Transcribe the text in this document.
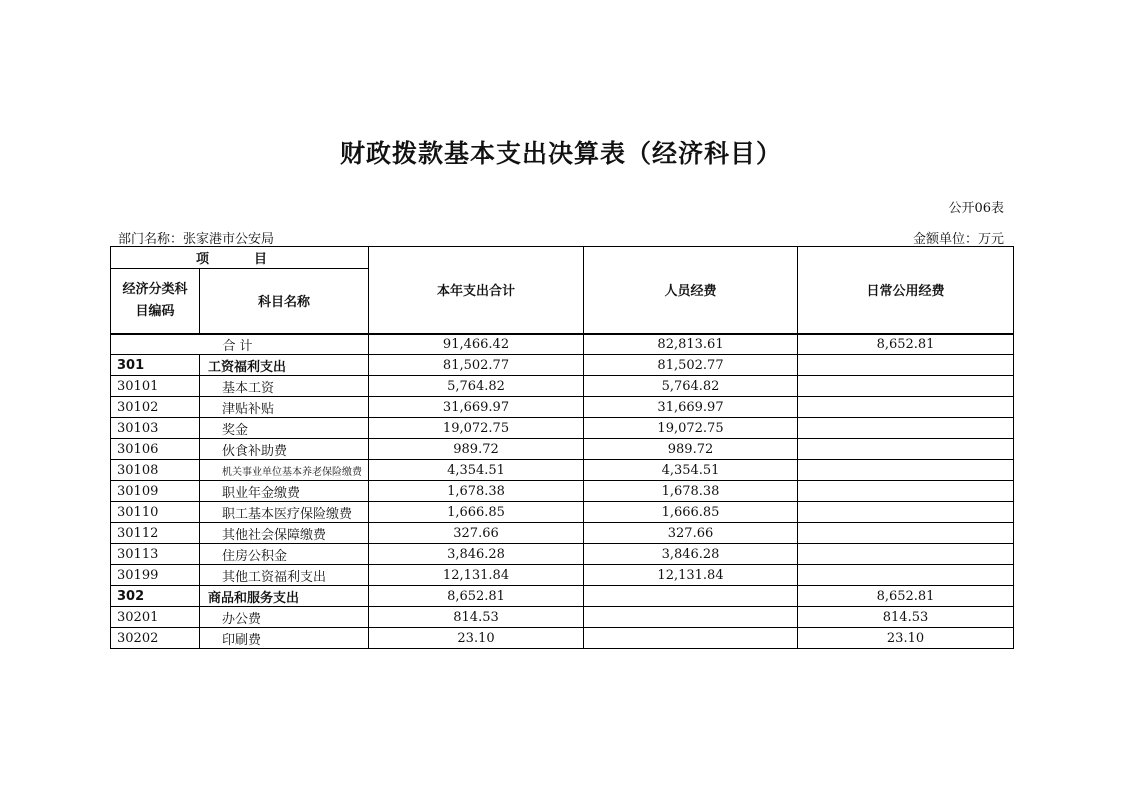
财政拨款基本支出决算表（经济科目）
公开06表
部门名称：张家港市公安局	金额单位：万元
项　目		本年支出合计	人员经费	日常公用经费
经济分类科目编码	科目名称			
合计		91,466.42	82,813.61	8,652.81
301	工资福利支出	81,502.77	81,502.77	
30101	基本工资	5,764.82	5,764.82	
30102	津贴补贴	31,669.97	31,669.97	
30103	奖金	19,072.75	19,072.75	
30106	伙食补助费	989.72	989.72	
30108	机关事业单位基本养老保险缴费	4,354.51	4,354.51	
30109	职业年金缴费	1,678.38	1,678.38	
30110	职工基本医疗保险缴费	1,666.85	1,666.85	
30112	其他社会保障缴费	327.66	327.66	
30113	住房公积金	3,846.28	3,846.28	
30199	其他工资福利支出	12,131.84	12,131.84	
302	商品和服务支出	8,652.81		8,652.81
30201	办公费	814.53		814.53
30202	印刷费	23.10		23.10
